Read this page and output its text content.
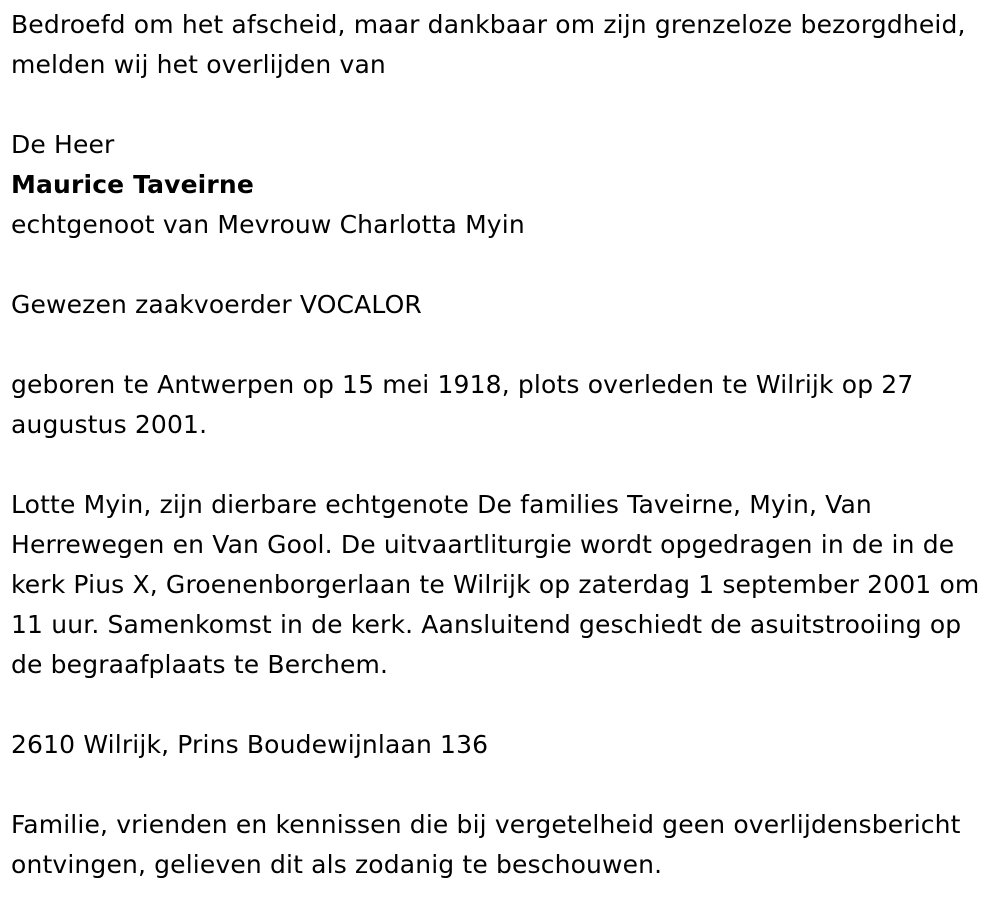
Bedroefd om het afscheid, maar dankbaar om zijn grenzeloze bezorgdheid, melden wij het overlijden van

De Heer

Maurice Taveirne

echtgenoot van Mevrouw Charlotta Myin

Gewezen zaakvoerder VOCALOR

geboren te Antwerpen op 15 mei 1918, plots overleden te Wilrijk op 27 augustus 2001.

Lotte Myin, zijn dierbare echtgenote De families Taveirne, Myin, Van Herrewegen en Van Gool. De uitvaartliturgie wordt opgedragen in de in de kerk Pius X, Groenenborgerlaan te Wilrijk op zaterdag 1 september 2001 om 11 uur. Samenkomst in de kerk. Aansluitend geschiedt de asuitstrooiing op de begraafplaats te Berchem.

2610 Wilrijk, Prins Boudewijnlaan 136

Familie, vrienden en kennissen die bij vergetelheid geen overlijdensbericht ontvingen, gelieven dit als zodanig te beschouwen.
